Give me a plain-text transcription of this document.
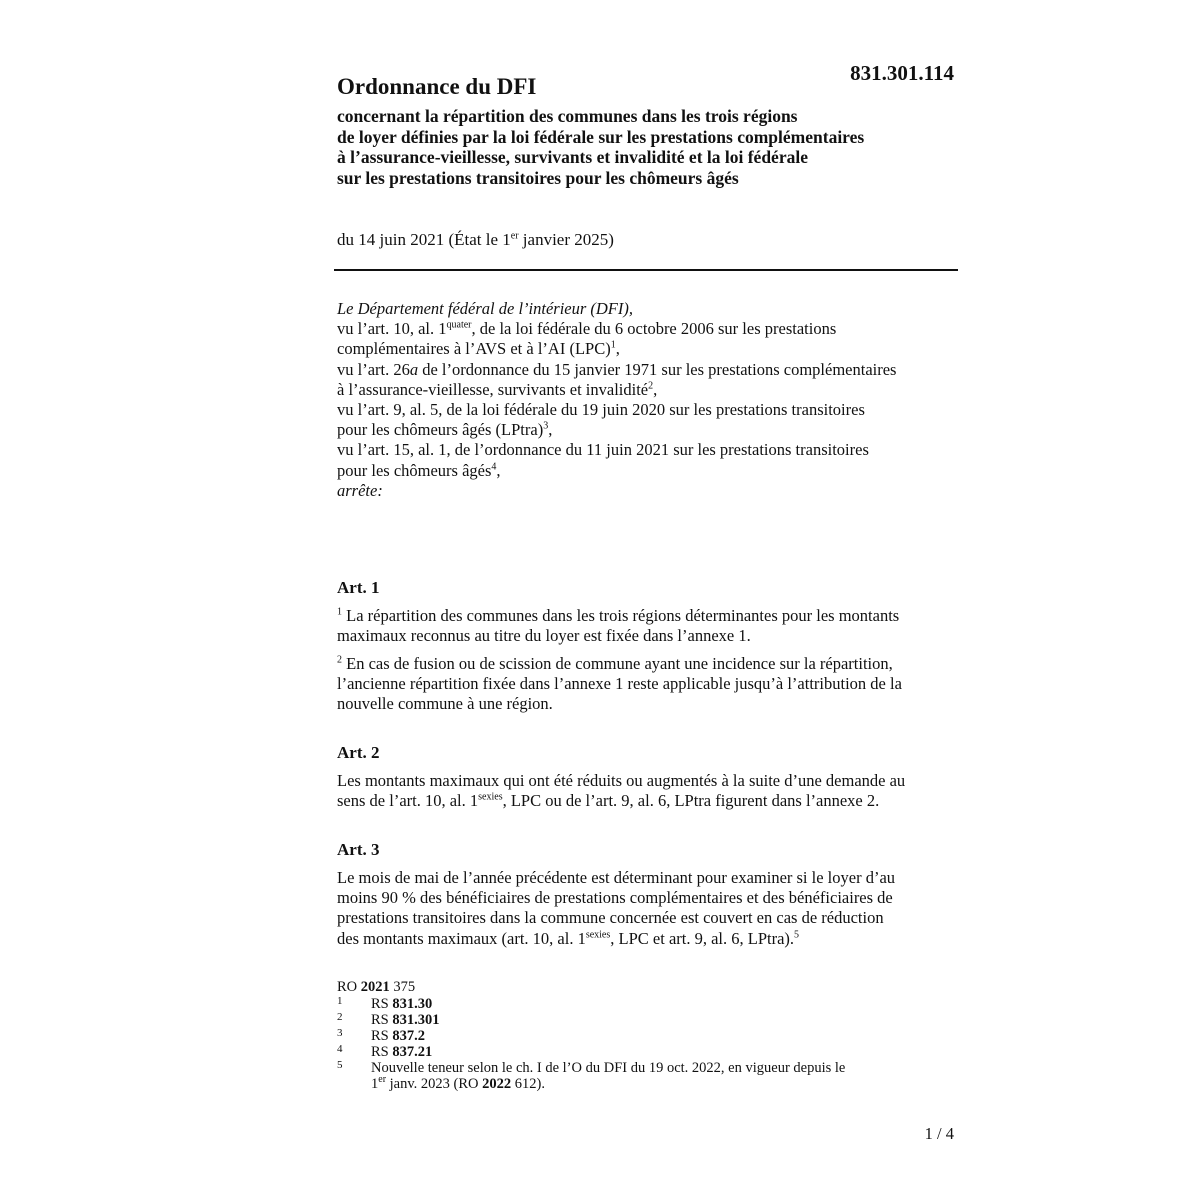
831.301.114
Ordonnance du DFI
concernant la répartition des communes dans les trois régions
de loyer définies par la loi fédérale sur les prestations complémentaires
à l’assurance-vieillesse, survivants et invalidité et la loi fédérale
sur les prestations transitoires pour les chômeurs âgés
du 14 juin 2021 (État le 1er janvier 2025)
Le Département fédéral de l’intérieur (DFI),
vu l’art. 10, al. $1^{quater}$, de la loi fédérale du 6 octobre 2006 sur les prestations
complémentaires à l’AVS et à l’AI (LPC)$^1$,
vu l’art. 26a de l’ordonnance du 15 janvier 1971 sur les prestations complémentaires
à l’assurance-vieillesse, survivants et invalidité$^2$,
vu l’art. 9, al. 5, de la loi fédérale du 19 juin 2020 sur les prestations transitoires
pour les chômeurs âgés (LPtra)$^3$,
vu l’art. 15, al. 1, de l’ordonnance du 11 juin 2021 sur les prestations transitoires
pour les chômeurs âgés$^4$,
arrête:
Art. 1
$^1$ La répartition des communes dans les trois régions déterminantes pour les montants
maximaux reconnus au titre du loyer est fixée dans l’annexe 1.
$^2$ En cas de fusion ou de scission de commune ayant une incidence sur la répartition,
l’ancienne répartition fixée dans l’annexe 1 reste applicable jusqu’à l’attribution de la
nouvelle commune à une région.
Art. 2
Les montants maximaux qui ont été réduits ou augmentés à la suite d’une demande au
sens de l’art. 10, al. $1^{sexies}$, LPC ou de l’art. 9, al. 6, LPtra figurent dans l’annexe 2.
Art. 3
Le mois de mai de l’année précédente est déterminant pour examiner si le loyer d’au
moins 90 % des bénéficiaires de prestations complémentaires et des bénéficiaires de
prestations transitoires dans la commune concernée est couvert en cas de réduction
des montants maximaux (art. 10, al. $1^{sexies}$, LPC et art. 9, al. 6, LPtra).$^5$
RO 2021 375
1	RS 831.30
2	RS 831.301
3	RS 837.2
4	RS 837.21
5	Nouvelle teneur selon le ch. I de l’O du DFI du 19 oct. 2022, en vigueur depuis le
1er janv. 2023 (RO 2022 612).
1 / 4
